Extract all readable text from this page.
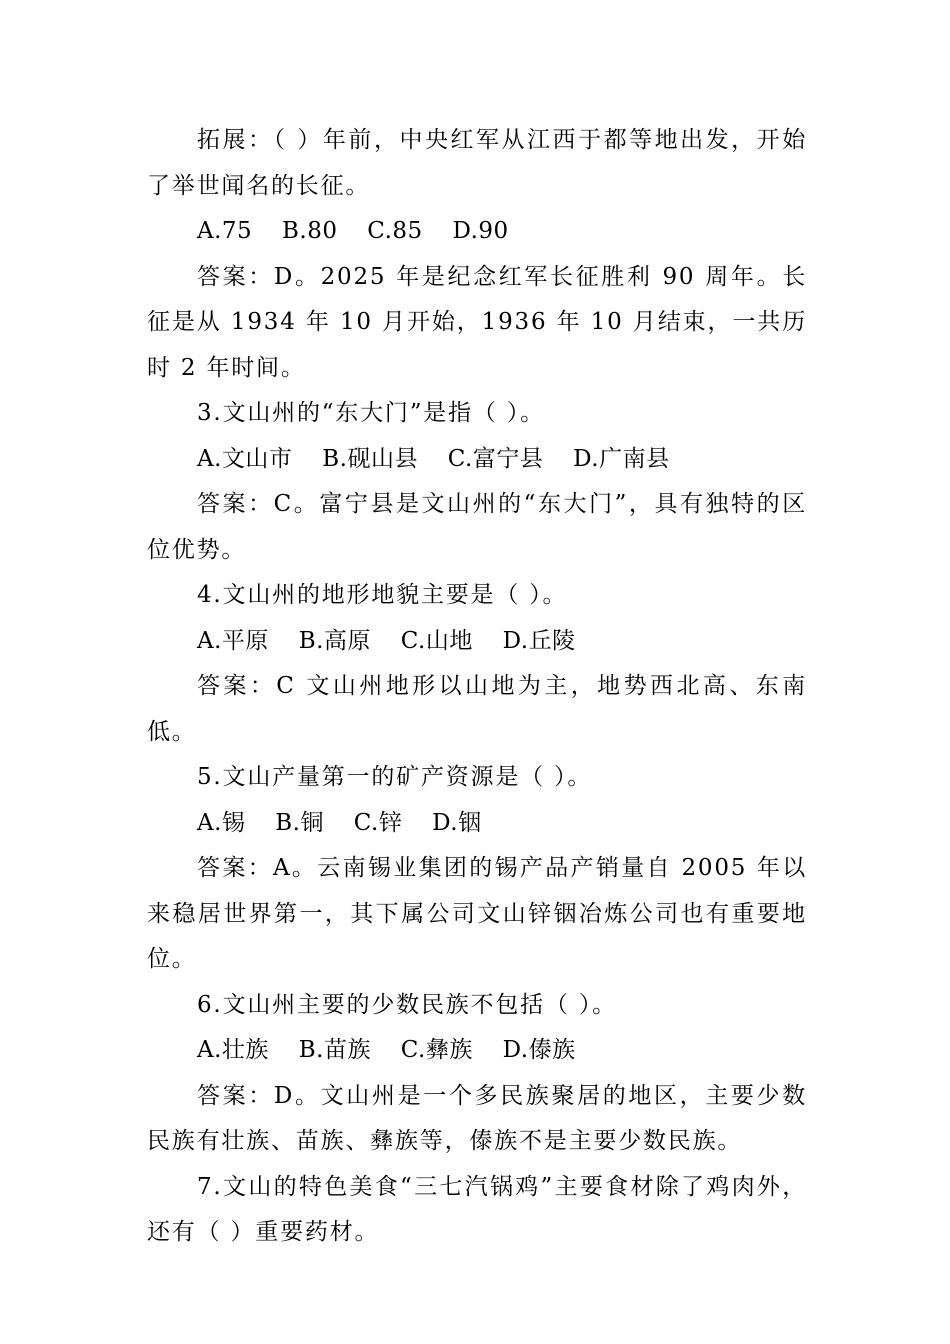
拓展：（ ）年前，中央红军从江西于都等地出发，开始了举世闻名的长征。

A.75 B.80 C.85 D.90

答案：D。2025 年是纪念红军长征胜利 90 周年。长征是从 1934 年 10 月开始，1936 年 10 月结束，一共历时 2 年时间。

3.文山州的“东大门”是指（ ）。

A.文山市 B.砚山县 C.富宁县 D.广南县

答案：C。富宁县是文山州的“东大门”，具有独特的区位优势。

4.文山州的地形地貌主要是（ ）。

A.平原 B.高原 C.山地 D.丘陵

答案：C 文山州地形以山地为主，地势西北高、东南低。

5.文山产量第一的矿产资源是（ ）。

A.锡 B.铜 C.锌 D.铟

答案：A。云南锡业集团的锡产品产销量自 2005 年以来稳居世界第一，其下属公司文山锌铟冶炼公司也有重要地位。

6.文山州主要的少数民族不包括（ ）。

A.壮族 B.苗族 C.彝族 D.傣族

答案：D。文山州是一个多民族聚居的地区，主要少数民族有壮族、苗族、彝族等，傣族不是主要少数民族。

7.文山的特色美食“三七汽锅鸡”主要食材除了鸡肉外，还有（ ）重要药材。
